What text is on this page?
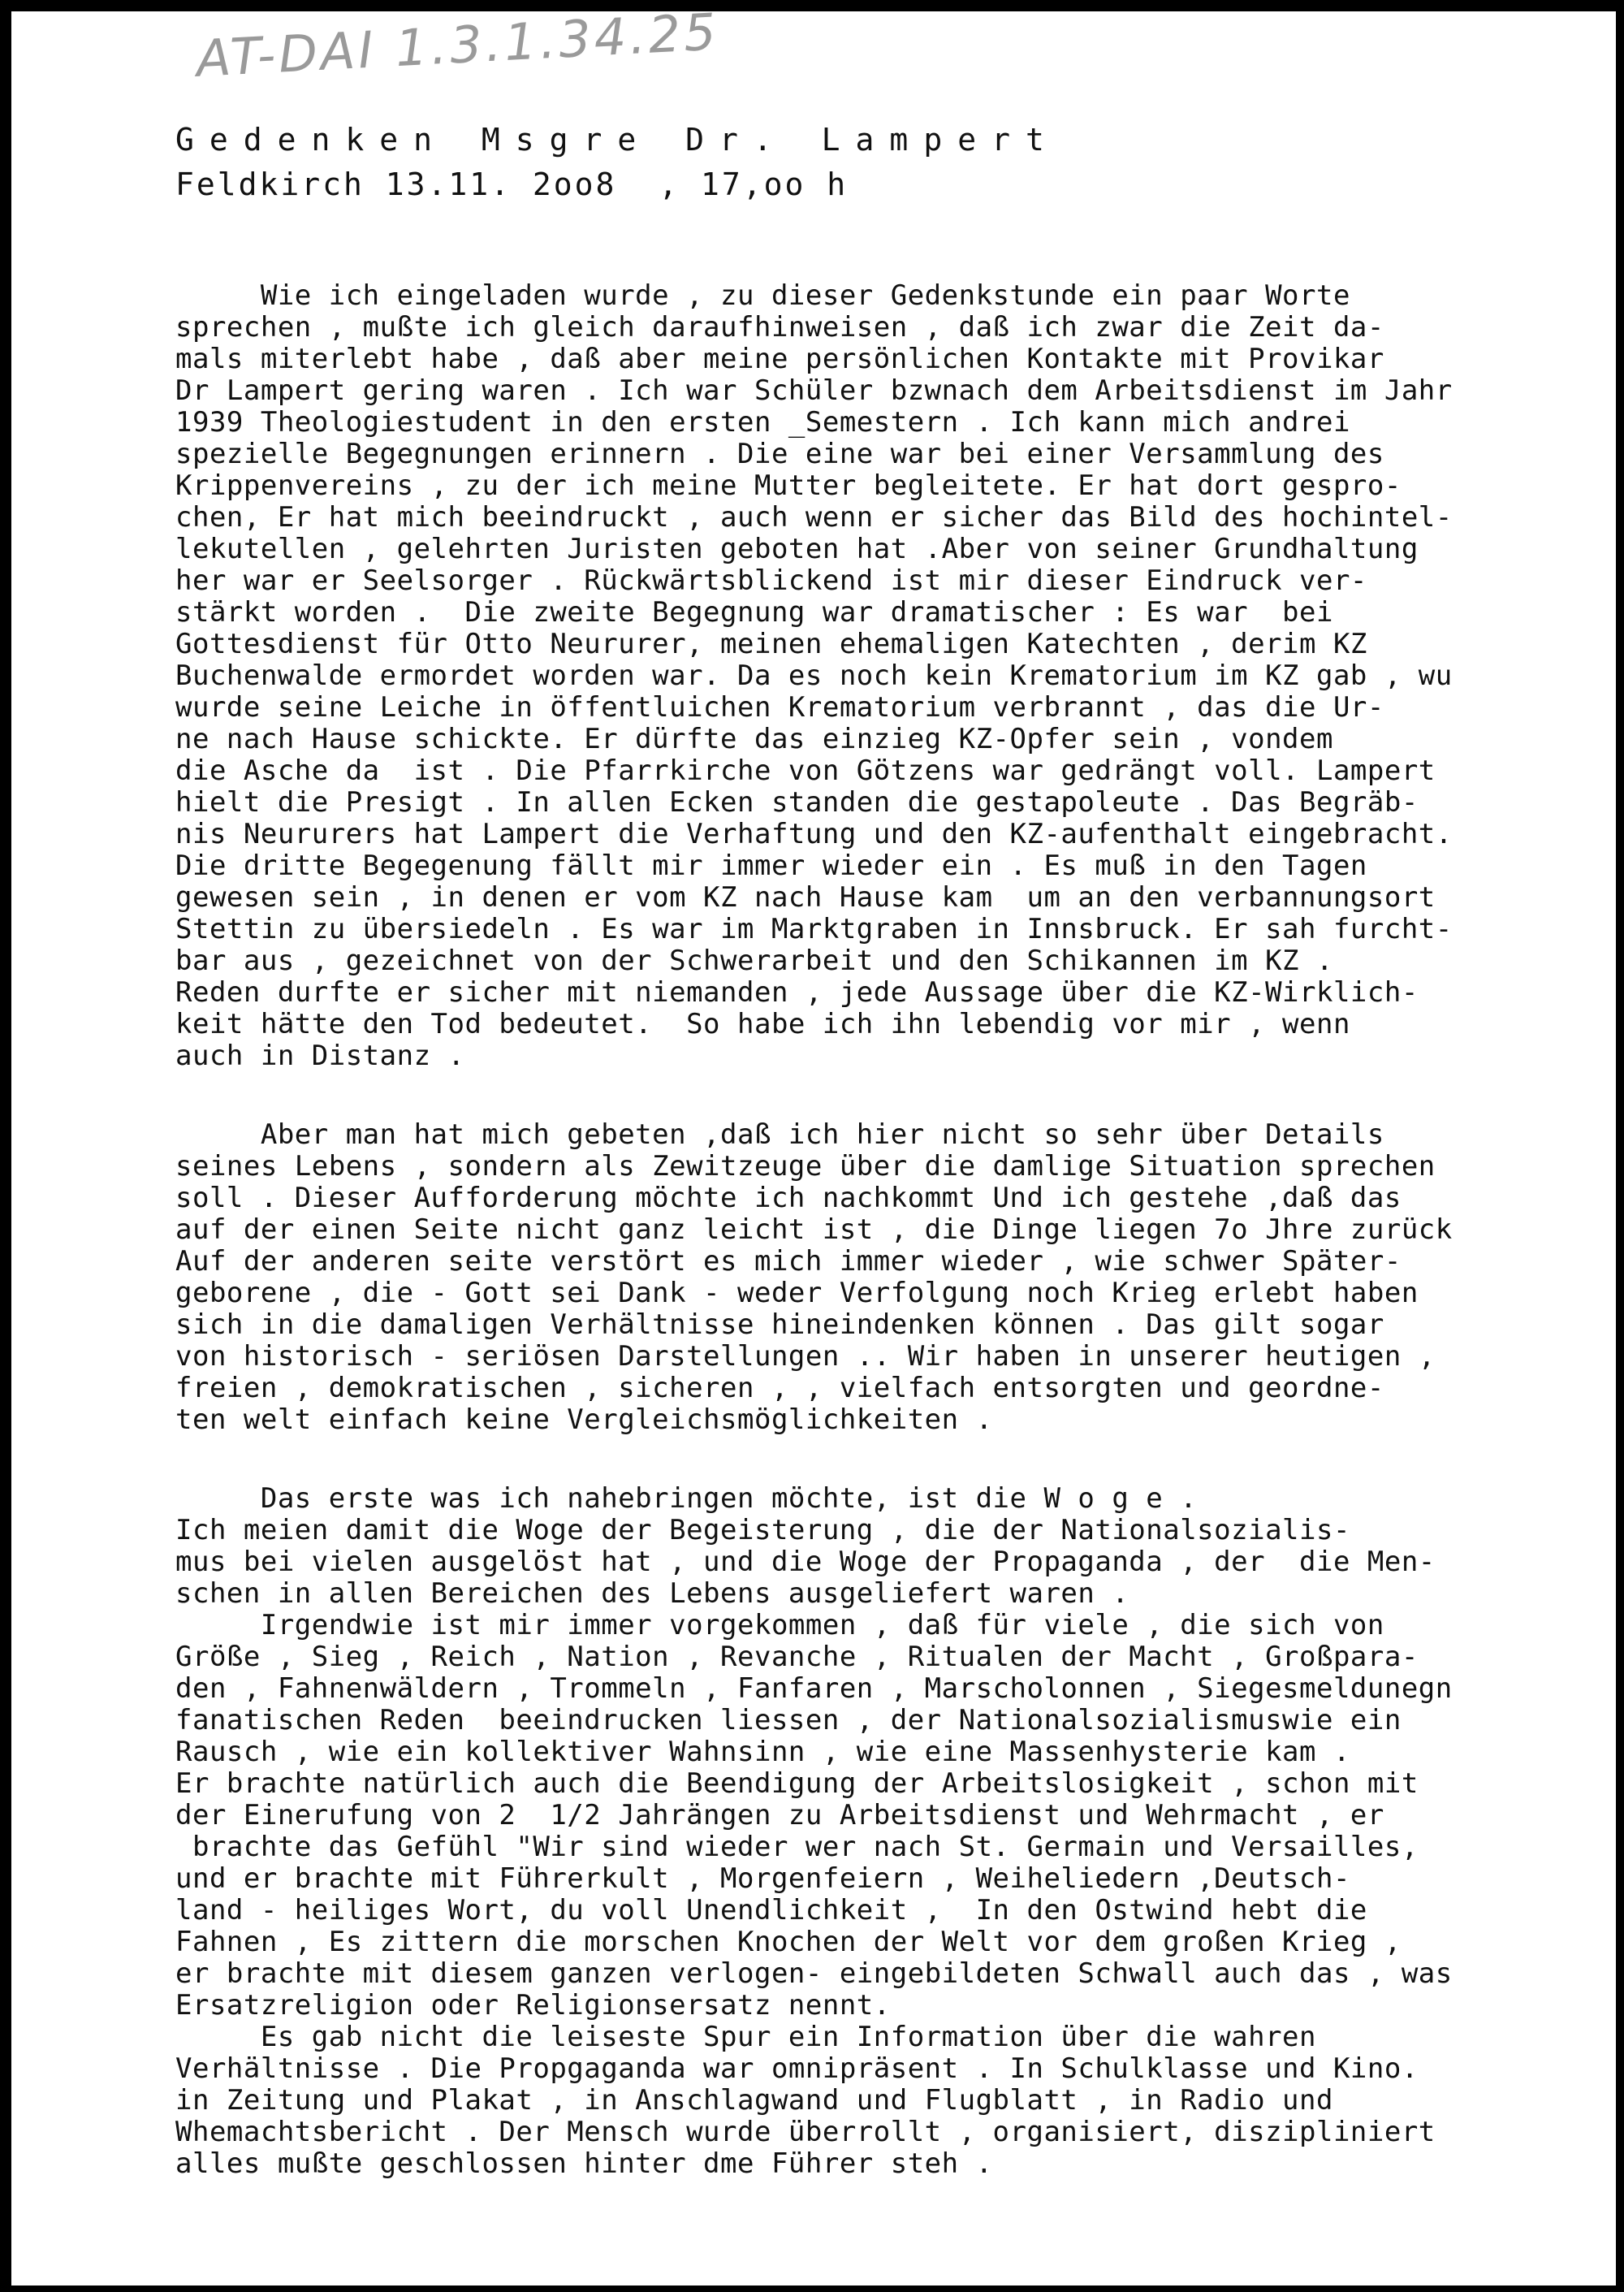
AT-DAI 1.3.1.34.25
Gedenken Msgre Dr. Lampert
Feldkirch 13.11. 2oo8  , 17,oo h
Wie ich eingeladen wurde , zu dieser Gedenkstunde ein paar Worte
sprechen , mußte ich gleich daraufhinweisen , daß ich zwar die Zeit da-
mals miterlebt habe , daß aber meine persönlichen Kontakte mit Provikar
Dr Lampert gering waren . Ich war Schüler bzwnach dem Arbeitsdienst im Jahr
1939 Theologiestudent in den ersten _Semestern . Ich kann mich andrei
spezielle Begegnungen erinnern . Die eine war bei einer Versammlung des
Krippenvereins , zu der ich meine Mutter begleitete. Er hat dort gespro-
chen, Er hat mich beeindruckt , auch wenn er sicher das Bild des hochintel-
lekutellen , gelehrten Juristen geboten hat .Aber von seiner Grundhaltung
her war er Seelsorger . Rückwärtsblickend ist mir dieser Eindruck ver-
stärkt worden .  Die zweite Begegnung war dramatischer : Es war  bei
Gottesdienst für Otto Neururer, meinen ehemaligen Katechten , derim KZ
Buchenwalde ermordet worden war. Da es noch kein Krematorium im KZ gab , wu
wurde seine Leiche in öffentluichen Krematorium verbrannt , das die Ur-
ne nach Hause schickte. Er dürfte das einzieg KZ-Opfer sein , vondem
die Asche da  ist . Die Pfarrkirche von Götzens war gedrängt voll. Lampert
hielt die Presigt . In allen Ecken standen die gestapoleute . Das Begräb-
nis Neururers hat Lampert die Verhaftung und den KZ-aufenthalt eingebracht.
Die dritte Begegenung fällt mir immer wieder ein . Es muß in den Tagen
gewesen sein , in denen er vom KZ nach Hause kam  um an den verbannungsort
Stettin zu übersiedeln . Es war im Marktgraben in Innsbruck. Er sah furcht-
bar aus , gezeichnet von der Schwerarbeit und den Schikannen im KZ .
Reden durfte er sicher mit niemanden , jede Aussage über die KZ-Wirklich-
keit hätte den Tod bedeutet.  So habe ich ihn lebendig vor mir , wenn
auch in Distanz .
Aber man hat mich gebeten ,daß ich hier nicht so sehr über Details
seines Lebens , sondern als Zewitzeuge über die damlige Situation sprechen
soll . Dieser Aufforderung möchte ich nachkommt Und ich gestehe ,daß das
auf der einen Seite nicht ganz leicht ist , die Dinge liegen 7o Jhre zurück
Auf der anderen seite verstört es mich immer wieder , wie schwer Später-
geborene , die - Gott sei Dank - weder Verfolgung noch Krieg erlebt haben
sich in die damaligen Verhältnisse hineindenken können . Das gilt sogar
von historisch - seriösen Darstellungen .. Wir haben in unserer heutigen ,
freien , demokratischen , sicheren , , vielfach entsorgten und geordne-
ten welt einfach keine Vergleichsmöglichkeiten .
Das erste was ich nahebringen möchte, ist die W o g e .
Ich meien damit die Woge der Begeisterung , die der Nationalsozialis-
mus bei vielen ausgelöst hat , und die Woge der Propaganda , der  die Men-
schen in allen Bereichen des Lebens ausgeliefert waren .
Irgendwie ist mir immer vorgekommen , daß für viele , die sich von
Größe , Sieg , Reich , Nation , Revanche , Ritualen der Macht , Großpara-
den , Fahnenwäldern , Trommeln , Fanfaren , Marscholonnen , Siegesmeldunegn
fanatischen Reden  beeindrucken liessen , der Nationalsozialismuswie ein
Rausch , wie ein kollektiver Wahnsinn , wie eine Massenhysterie kam .
Er brachte natürlich auch die Beendigung der Arbeitslosigkeit , schon mit
der Einerufung von 2  1/2 Jahrängen zu Arbeitsdienst und Wehrmacht , er
brachte das Gefühl "Wir sind wieder wer nach St. Germain und Versailles,
und er brachte mit Führerkult , Morgenfeiern , Weiheliedern ,Deutsch-
land - heiliges Wort, du voll Unendlichkeit ,  In den Ostwind hebt die
Fahnen , Es zittern die morschen Knochen der Welt vor dem großen Krieg ,
er brachte mit diesem ganzen verlogen- eingebildeten Schwall auch das , was
Ersatzreligion oder Religionsersatz nennt.
Es gab nicht die leiseste Spur ein Information über die wahren
Verhältnisse . Die Propgaganda war omnipräsent . In Schulklasse und Kino.
in Zeitung und Plakat , in Anschlagwand und Flugblatt , in Radio und
Whemachtsbericht . Der Mensch wurde überrollt , organisiert, diszipliniert
alles mußte geschlossen hinter dme Führer steh .
